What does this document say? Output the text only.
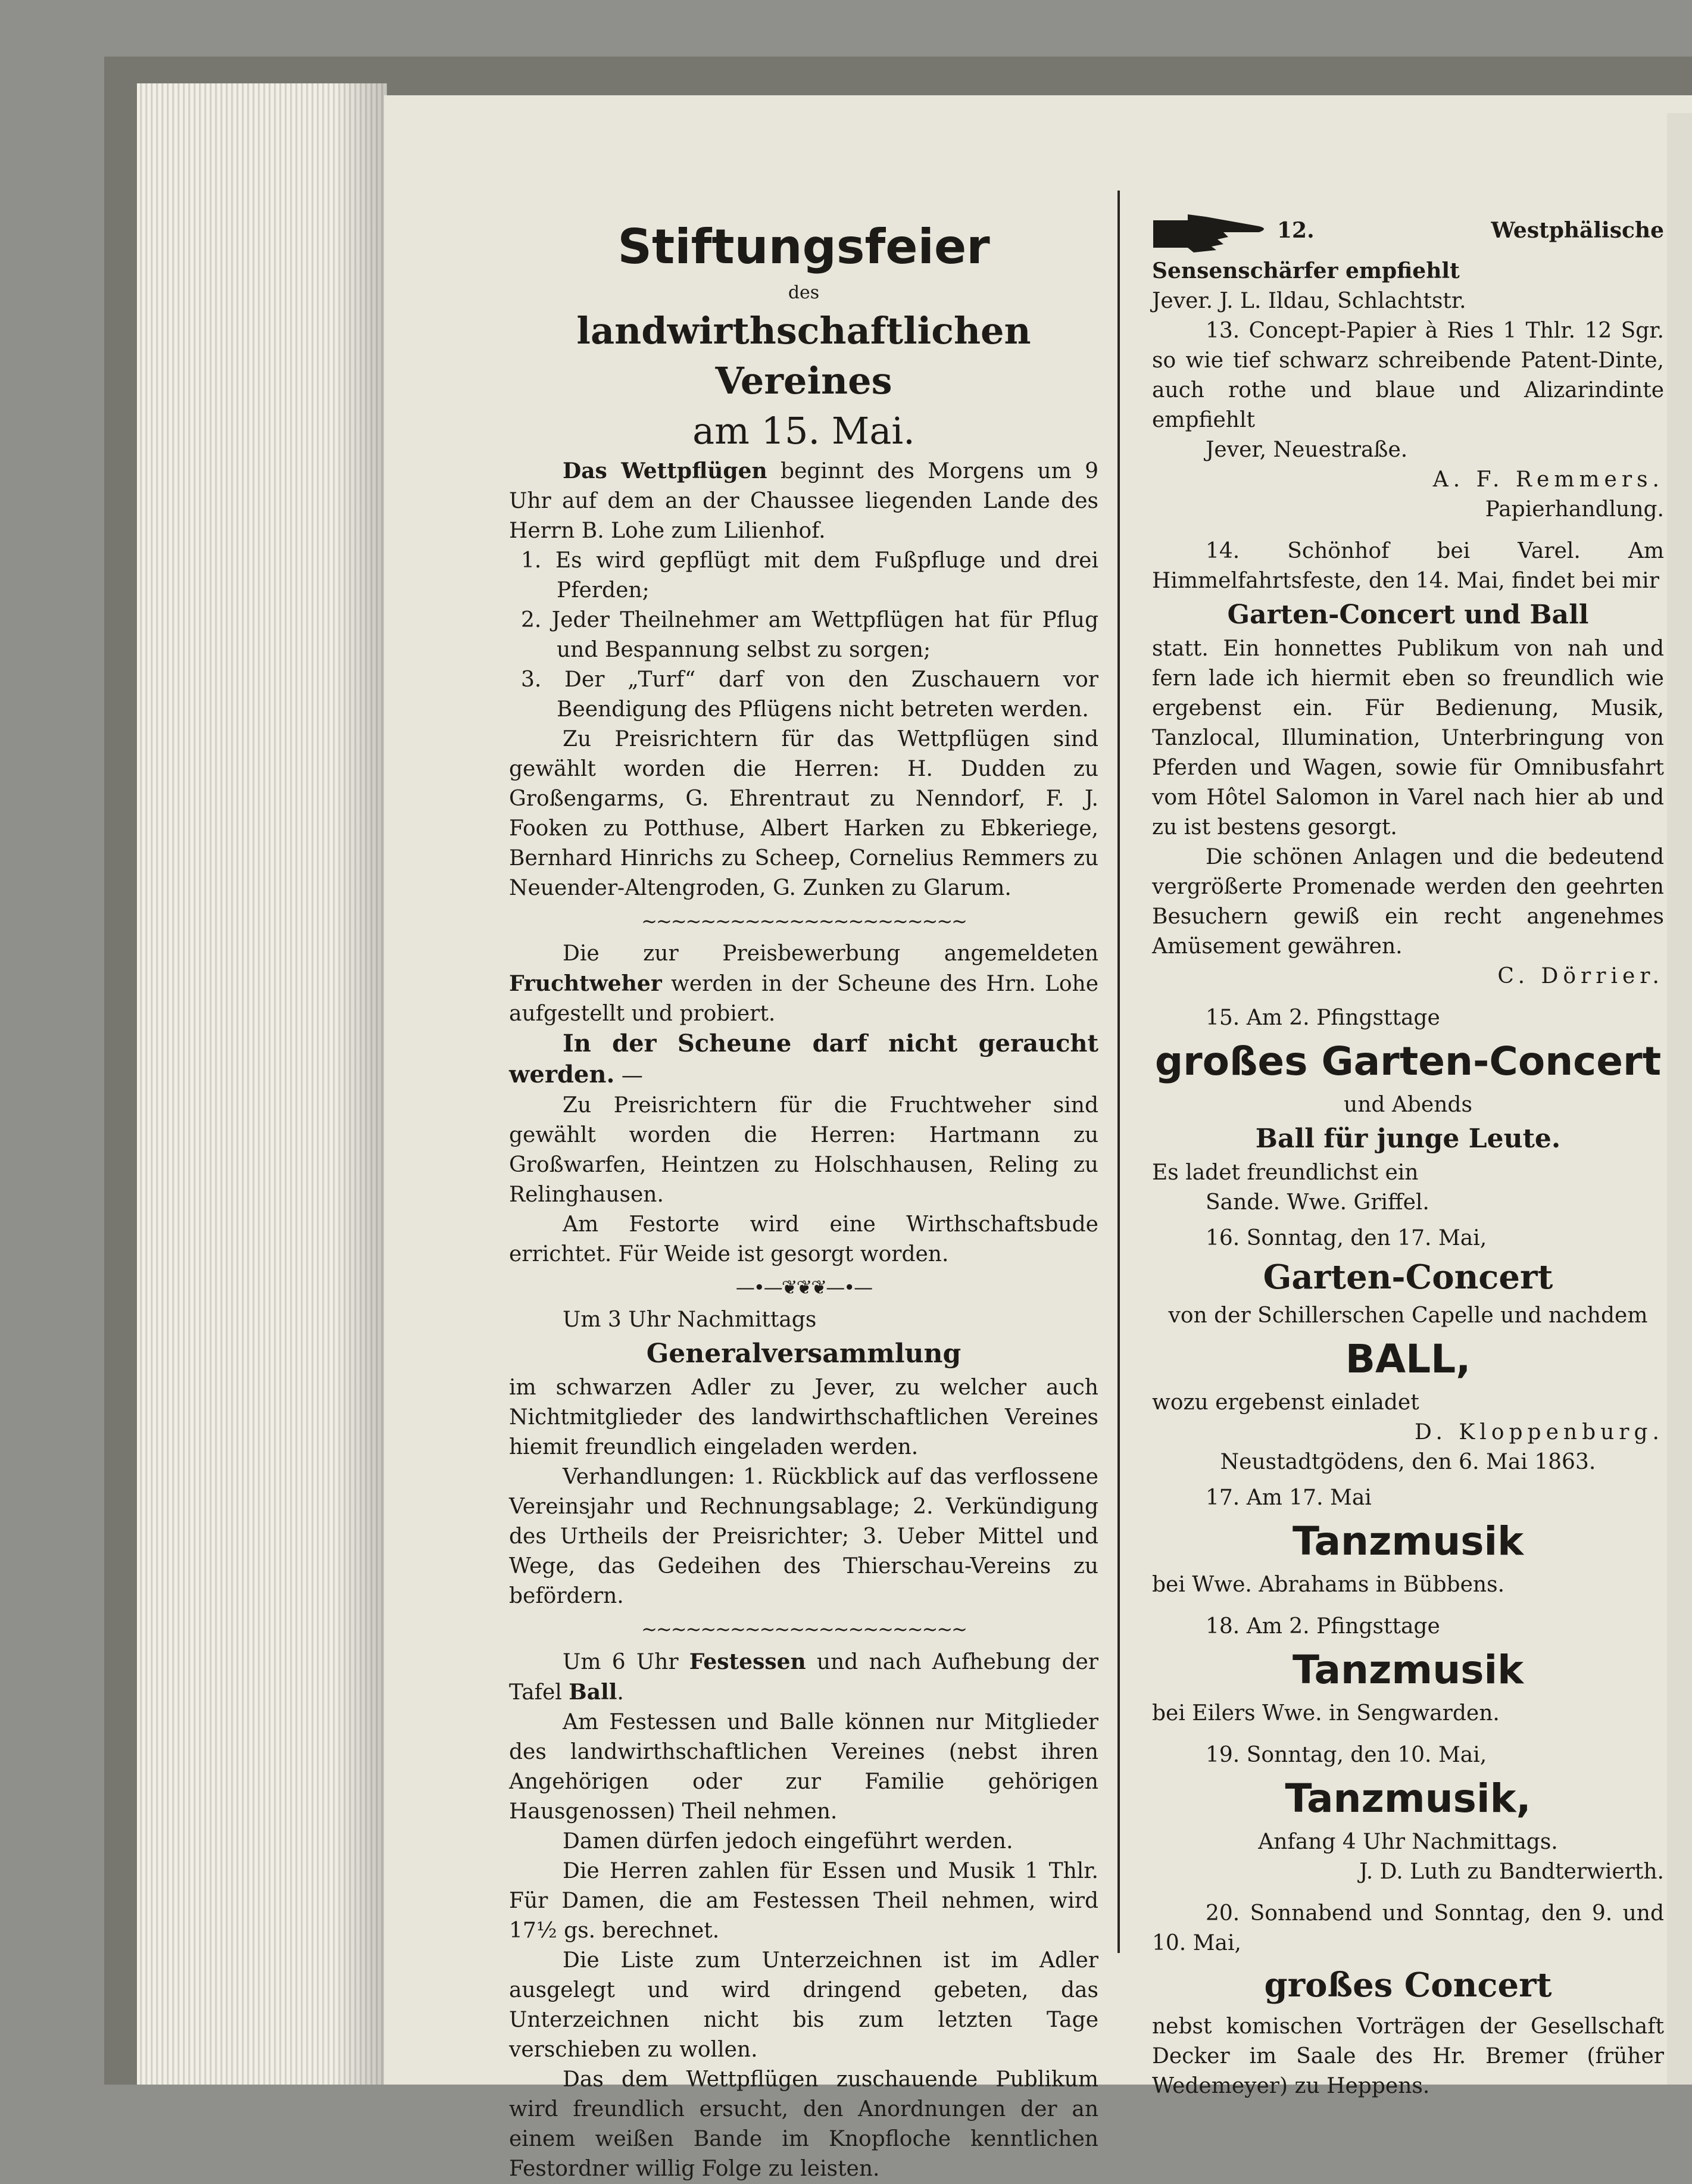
Stiftungsfeier
des
landwirthschaftlichen Vereines
am 15. Mai.

Das Wettpflügen beginnt des Morgens um 9 Uhr auf dem an der Chaussee liegenden Lande des Herrn B. Lohe zum Lilienhof.

1. Es wird gepflügt mit dem Fußpfluge und drei Pferden;

2. Jeder Theilnehmer am Wettpflügen hat für Pflug und Bespannung selbst zu sorgen;

3. Der „Turf“ darf von den Zuschauern vor Beendigung des Pflügens nicht betreten werden.

Zu Preisrichtern für das Wettpflügen sind gewählt worden die Herren: H. Dudden zu Großengarms, G. Ehrentraut zu Nenndorf, F. J. Fooken zu Potthuse, Albert Harken zu Ebkeriege, Bernhard Hinrichs zu Scheep, Cornelius Remmers zu Neuender-Altengroden, G. Zunken zu Glarum.

~~~~~~~~~~~~~~~~~~~~~~

Die zur Preisbewerbung angemeldeten Fruchtweher werden in der Scheune des Hrn. Lohe aufgestellt und probiert.

In der Scheune darf nicht geraucht werden. —

Zu Preisrichtern für die Fruchtweher sind gewählt worden die Herren: Hartmann zu Großwarfen, Heintzen zu Holschhausen, Reling zu Relinghausen.

Am Festorte wird eine Wirthschaftsbude errichtet. Für Weide ist gesorgt worden.

—•—❦❦❦—•—

Um 3 Uhr Nachmittags

Generalversammlung

im schwarzen Adler zu Jever, zu welcher auch Nichtmitglieder des landwirthschaftlichen Vereines hiemit freundlich eingeladen werden.

Verhandlungen: 1. Rückblick auf das verflossene Vereinsjahr und Rechnungsablage; 2. Verkündigung des Urtheils der Preisrichter; 3. Ueber Mittel und Wege, das Gedeihen des Thierschau-Vereins zu befördern.

~~~~~~~~~~~~~~~~~~~~~~

Um 6 Uhr Festessen und nach Aufhebung der Tafel Ball.

Am Festessen und Balle können nur Mitglieder des landwirthschaftlichen Vereines (nebst ihren Angehörigen oder zur Familie gehörigen Hausgenossen) Theil nehmen.

Damen dürfen jedoch eingeführt werden.

Die Herren zahlen für Essen und Musik 1 Thlr. Für Damen, die am Festessen Theil nehmen, wird 17½ gs. berechnet.

Die Liste zum Unterzeichnen ist im Adler ausgelegt und wird dringend gebeten, das Unterzeichnen nicht bis zum letzten Tage verschieben zu wollen.

Das dem Wettpflügen zuschauende Publikum wird freundlich ersucht, den Anordnungen der an einem weißen Bande im Knopfloche kenntlichen Festordner willig Folge zu leisten.

12. Westphälische Sensenschärfer empfiehlt

Jever. J. L. Ildau, Schlachtstr.

13. Concept-Papier à Ries 1 Thlr. 12 Sgr. so wie tief schwarz schreibende Patent-Dinte, auch rothe und blaue und Alizarindinte empfiehlt

Jever, Neuestraße.

A. F. Remmers.

Papierhandlung.

14. Schönhof bei Varel. Am Himmelfahrtsfeste, den 14. Mai, findet bei mir

Garten-Concert und Ball

statt. Ein honnettes Publikum von nah und fern lade ich hiermit eben so freundlich wie ergebenst ein. Für Bedienung, Musik, Tanzlocal, Illumination, Unterbringung von Pferden und Wagen, sowie für Omnibusfahrt vom Hôtel Salomon in Varel nach hier ab und zu ist bestens gesorgt.

Die schönen Anlagen und die bedeutend vergrößerte Promenade werden den geehrten Besuchern gewiß ein recht angenehmes Amüsement gewähren.

C. Dörrier.

15. Am 2. Pfingsttage

großes Garten-Concert

und Abends

Ball für junge Leute.

Es ladet freundlichst ein

Sande. Wwe. Griffel.

16. Sonntag, den 17. Mai,

Garten-Concert

von der Schillerschen Capelle und nachdem

BALL,

wozu ergebenst einladet

D. Kloppenburg.

Neustadtgödens, den 6. Mai 1863.

17. Am 17. Mai

Tanzmusik

bei Wwe. Abrahams in Bübbens.

18. Am 2. Pfingsttage

Tanzmusik

bei Eilers Wwe. in Sengwarden.

19. Sonntag, den 10. Mai,

Tanzmusik,

Anfang 4 Uhr Nachmittags.

J. D. Luth zu Bandterwierth.

20. Sonnabend und Sonntag, den 9. und 10. Mai,

großes Concert

nebst komischen Vorträgen der Gesellschaft Decker im Saale des Hr. Bremer (früher Wedemeyer) zu Heppens.
